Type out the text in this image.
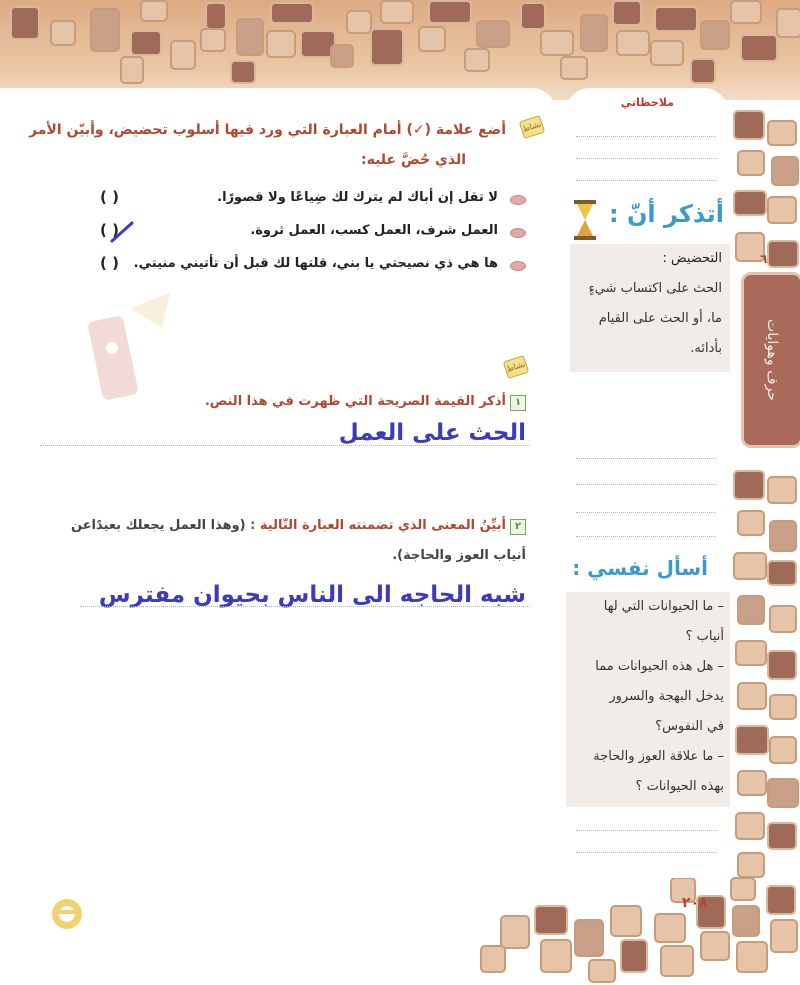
حرف وهوايات
٦
نشاط
أضع علامة (✓) أمام العبارة التي ورد فيها أسلوب تحضيض، وأبيّن الأمر
الذي حُضَّ عليه:
لا تقل إن أباك لم يترك لك ضِياعًا ولا قصورًا.
( )
العمل شرف، العمل كسب، العمل ثروة.
( )
ها هي ذي نصيحتي يا بني، قلتها لك قبل أن تأتيني منيتي.
( )
نشاط
١أذكر القيمة الصريحة التي ظهرت في هذا النص.
الحث على العمل
٢أبيِّنُ المعنى الذي تضمنته العبارة التّالية : (وهذا العمل يجعلك بعيدًاعن
أنياب العوز والحاجة).
شبه الحاجه الى الناس بحيوان مفترس
ملاحظاتي
أتذكر أنّ :
التحضيض :
الحث على اكتساب شيءٍ
ما، أو الحث على القيام
بأدائه.
أسأل نفسي :
– ما الحيوانات التي لها
أنياب ؟
– هل هذه الحيوانات مما
يدخل البهجة والسرور
في النفوس؟
– ما علاقة العوز والحاجة
بهذه الحيوانات ؟
٢٠٨
